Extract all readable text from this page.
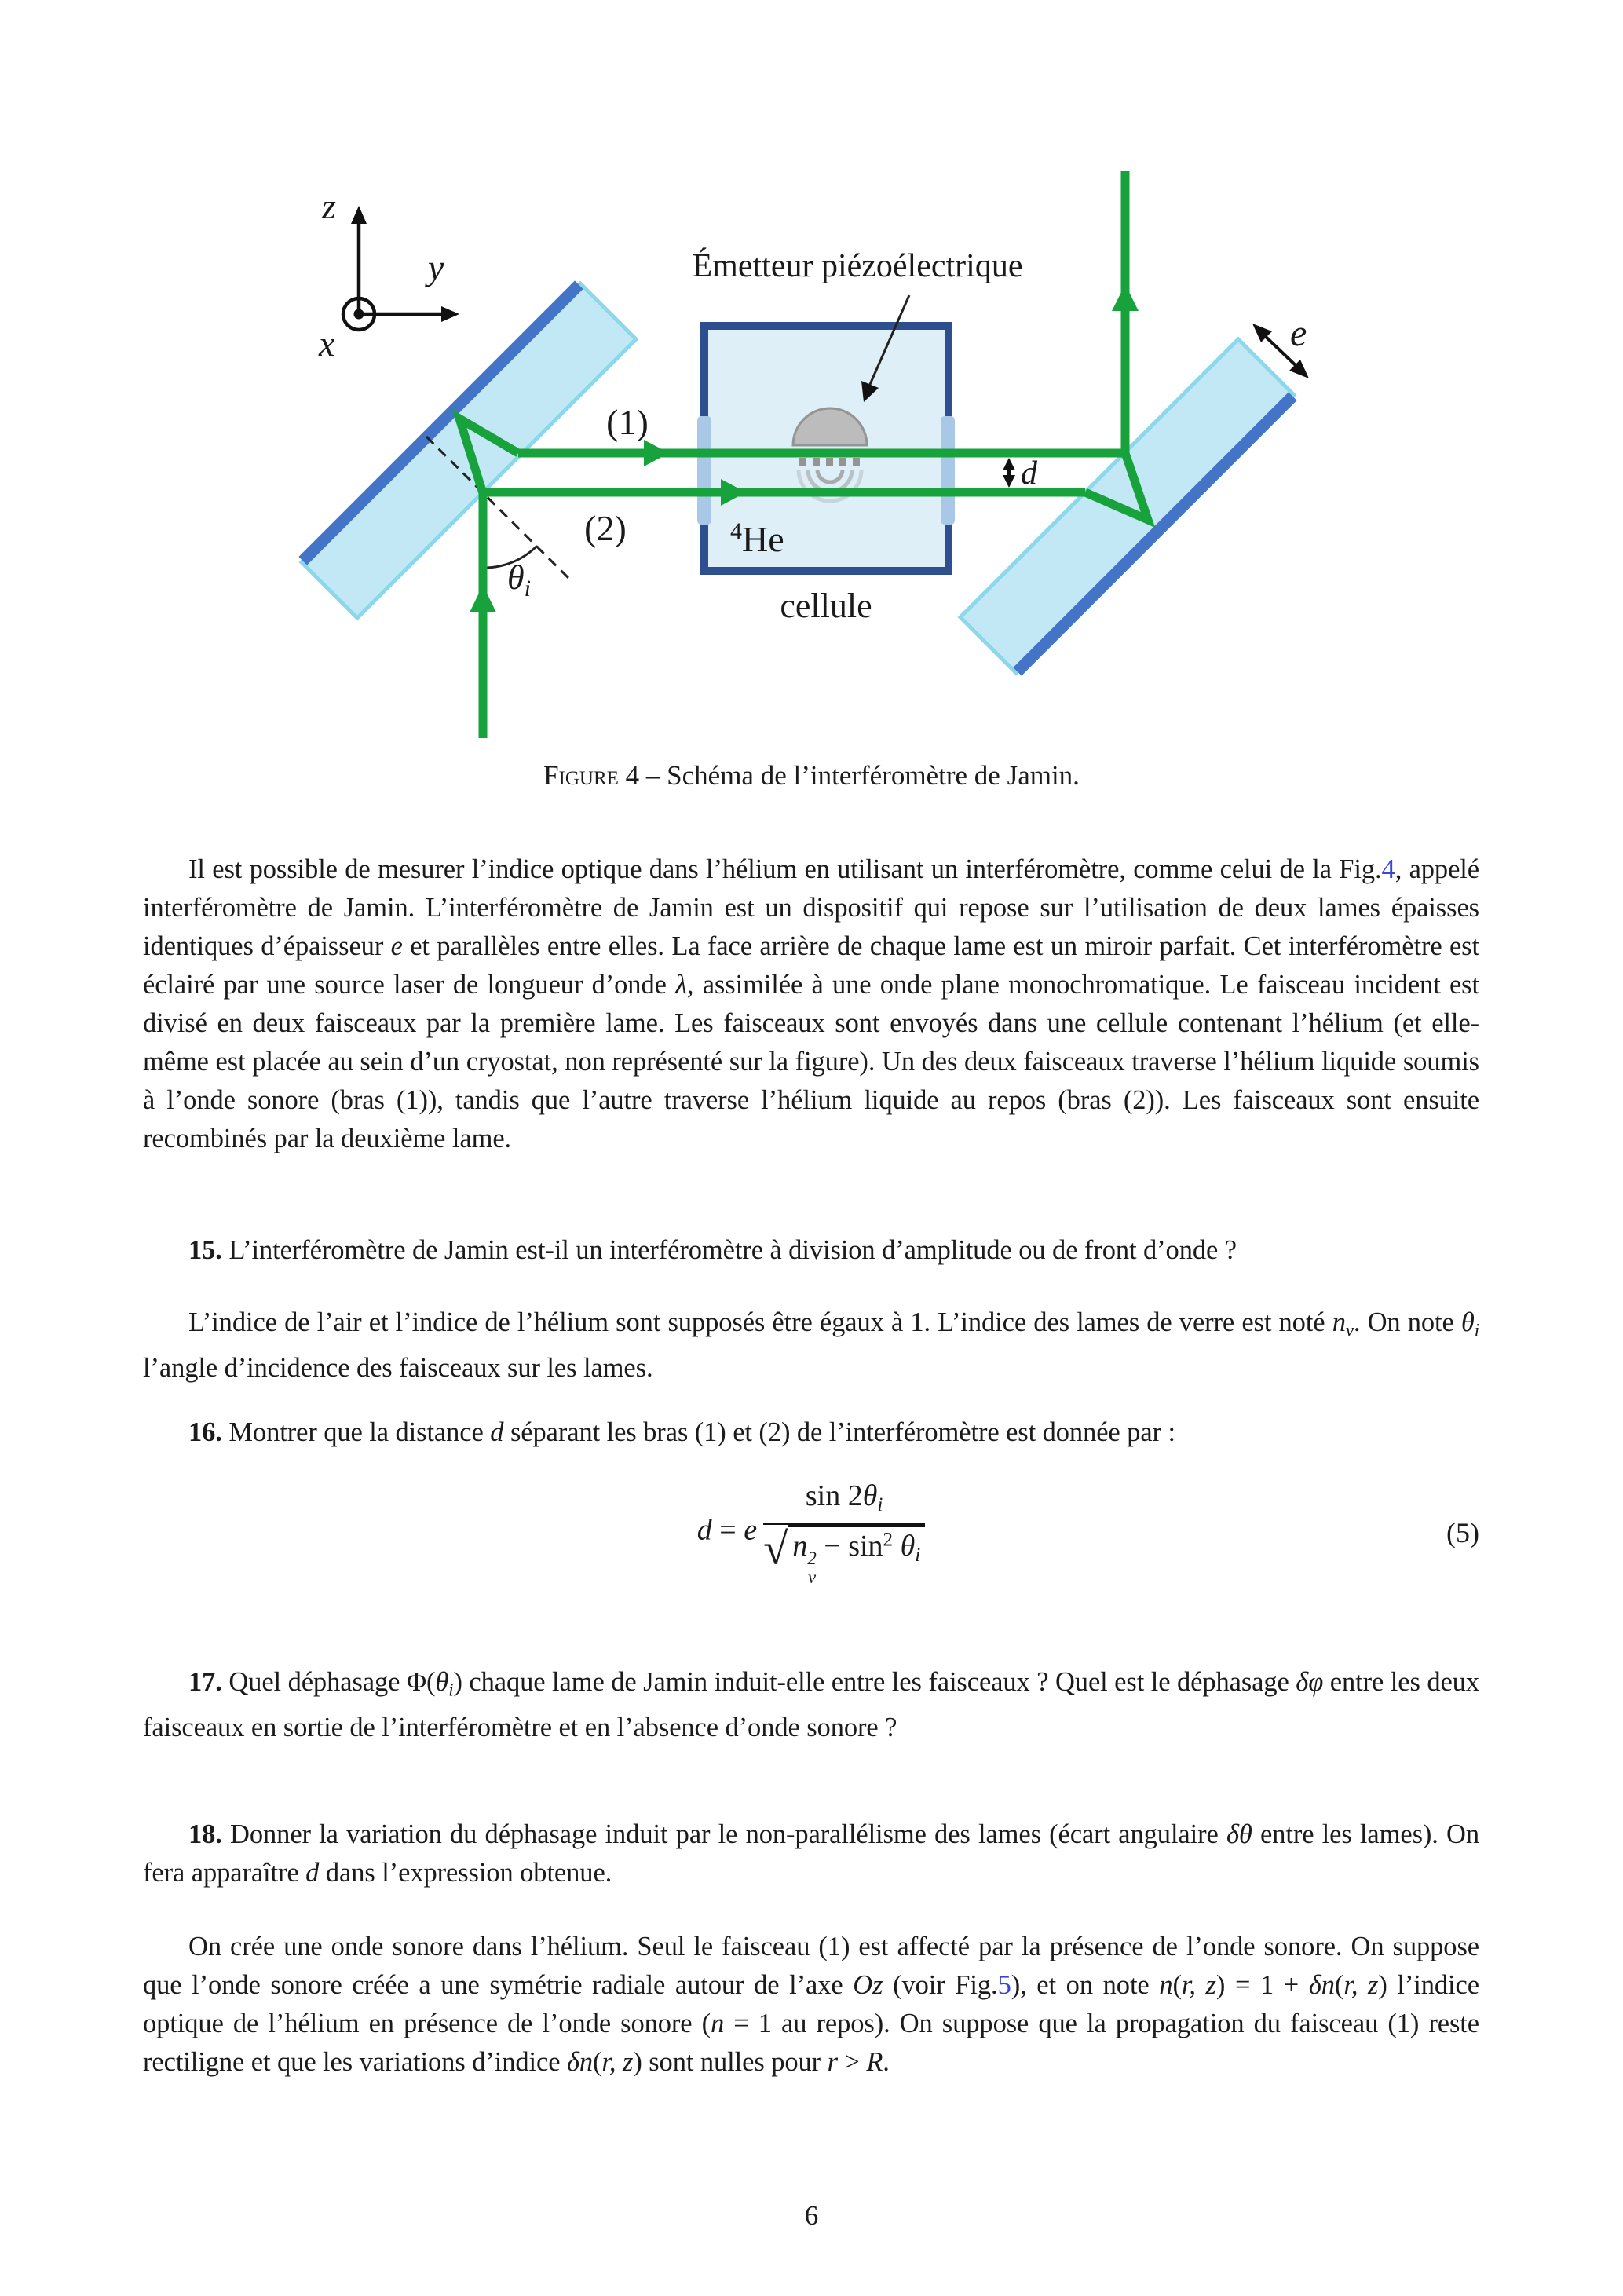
Émetteur piézoélectrique
(1)
(2)
$\theta_i$
$^4$He
cellule
d
e
z
y
x
Figure 4 – Schéma de l’interféromètre de Jamin.
Il est possible de mesurer l’indice optique dans l’hélium en utilisant un interféromètre, comme celui de la Fig.4, appelé interféromètre de Jamin. L’interféromètre de Jamin est un dispositif qui repose sur l’utilisation de deux lames épaisses identiques d’épaisseur e et parallèles entre elles. La face arrière de chaque lame est un miroir parfait. Cet interféromètre est éclairé par une source laser de longueur d’onde λ, assimilée à une onde plane monochromatique. Le faisceau incident est divisé en deux faisceaux par la première lame. Les faisceaux sont envoyés dans une cellule contenant l’hélium (et elle-même est placée au sein d’un cryostat, non représenté sur la figure). Un des deux faisceaux traverse l’hélium liquide soumis à l’onde sonore (bras (1)), tandis que l’autre traverse l’hélium liquide au repos (bras (2)). Les faisceaux sont ensuite recombinés par la deuxième lame.
15. L’interféromètre de Jamin est-il un interféromètre à division d’amplitude ou de front d’onde ?
L’indice de l’air et l’indice de l’hélium sont supposés être égaux à 1. L’indice des lames de verre est noté nv. On note θi l’angle d’incidence des faisceaux sur les lames.
16. Montrer que la distance d séparant les bras (1) et (2) de l’interféromètre est donnée par :
d = e sin 2θi
√ n 2
v
− $\sin^2 \theta i$	(5)
17. Quel déphasage Φ(θi) chaque lame de Jamin induit-elle entre les faisceaux ? Quel est le déphasage δφ entre les deux faisceaux en sortie de l’interféromètre et en l’absence d’onde sonore ?
18. Donner la variation du déphasage induit par le non-parallélisme des lames (écart angulaire δθ entre les lames). On fera apparaître d dans l’expression obtenue.
On crée une onde sonore dans l’hélium. Seul le faisceau (1) est affecté par la présence de l’onde sonore. On suppose que l’onde sonore créée a une symétrie radiale autour de l’axe Oz (voir Fig.5), et on note n(r, z) = 1 + δn(r, z) l’indice optique de l’hélium en présence de l’onde sonore (n = 1 au repos). On suppose que la propagation du faisceau (1) reste rectiligne et que les variations d’indice δn(r, z) sont nulles pour r > R.
6
